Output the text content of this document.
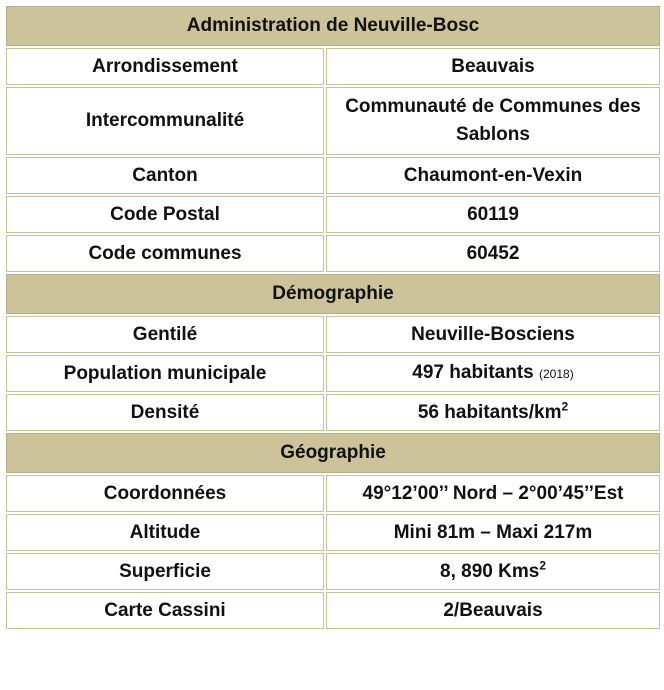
Administration de Neuville-Bosc	
Arrondissement	Beauvais
Intercommunalité	Communauté de Communes des Sablons
Canton	Chaumont-en-Vexin
Code Postal	60119
Code communes	60452
Démographie	
Gentilé	Neuville-Bosciens
Population municipale	497 habitants (2018)
Densité	56 habitants/$km^2$
Géographie	
Coordonnées	49°12’00’’ Nord – 2°00’45’’Est
Altitude	Mini 81m – Maxi 217m
Superficie	8, 890 Kms$^2$
Carte Cassini	2/Beauvais
